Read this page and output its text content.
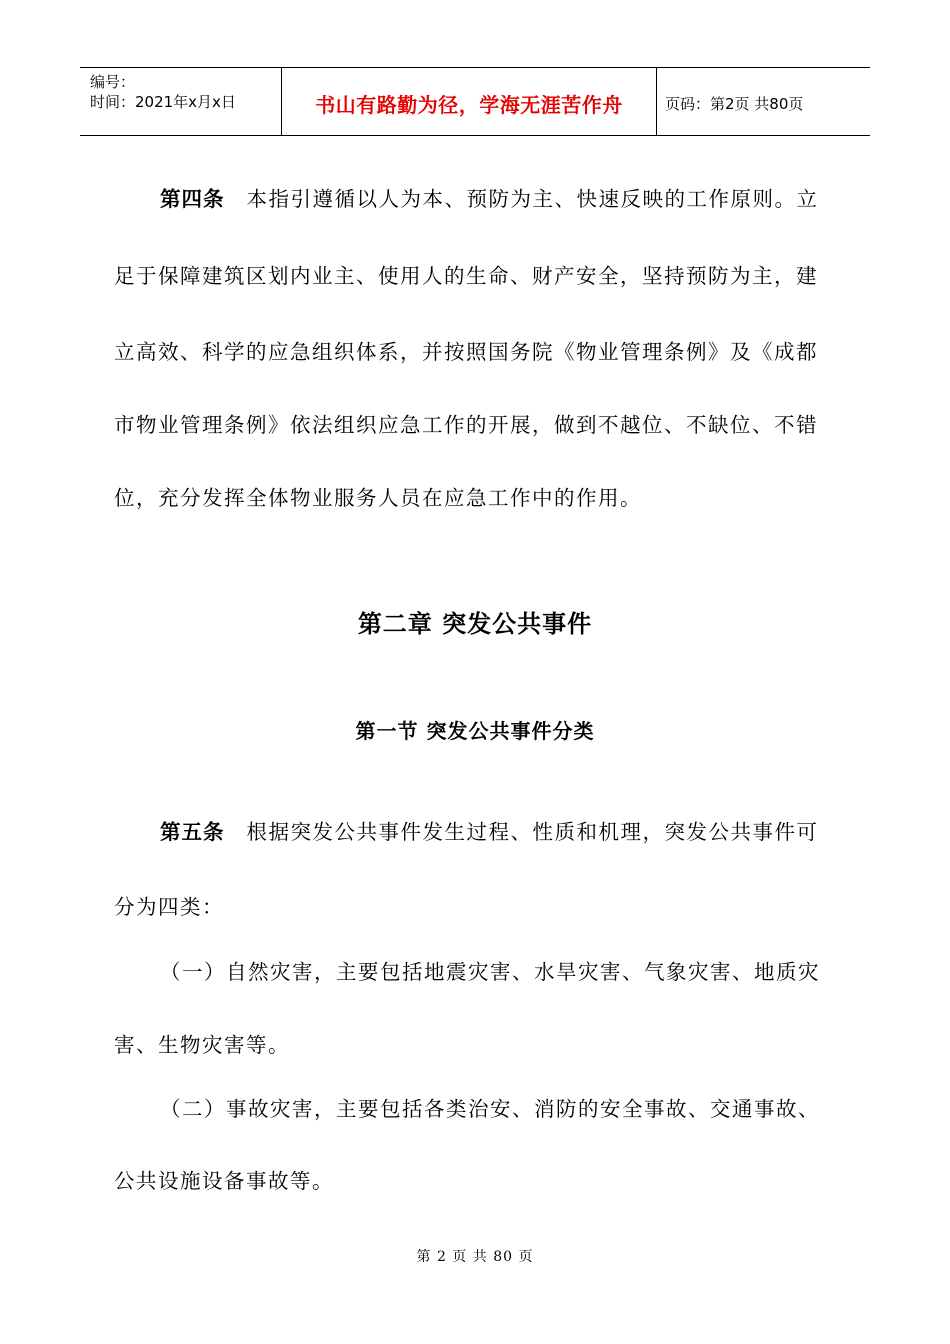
编号：
时间：2021年x月x日	书山有路勤为径，学海无涯苦作舟	页码：第2页 共80页
第四条 本指引遵循以人为本、预防为主、快速反映的工作原则。立
足于保障建筑区划内业主、使用人的生命、财产安全，坚持预防为主，建
立高效、科学的应急组织体系，并按照国务院《物业管理条例》及《成都
市物业管理条例》依法组织应急工作的开展，做到不越位、不缺位、不错
位，充分发挥全体物业服务人员在应急工作中的作用。
第二章 突发公共事件
第一节 突发公共事件分类
第五条 根据突发公共事件发生过程、性质和机理，突发公共事件可
分为四类：
（一）自然灾害，主要包括地震灾害、水旱灾害、气象灾害、地质灾
害、生物灾害等。
（二）事故灾害，主要包括各类治安、消防的安全事故、交通事故、
公共设施设备事故等。
第 2 页 共 80 页
